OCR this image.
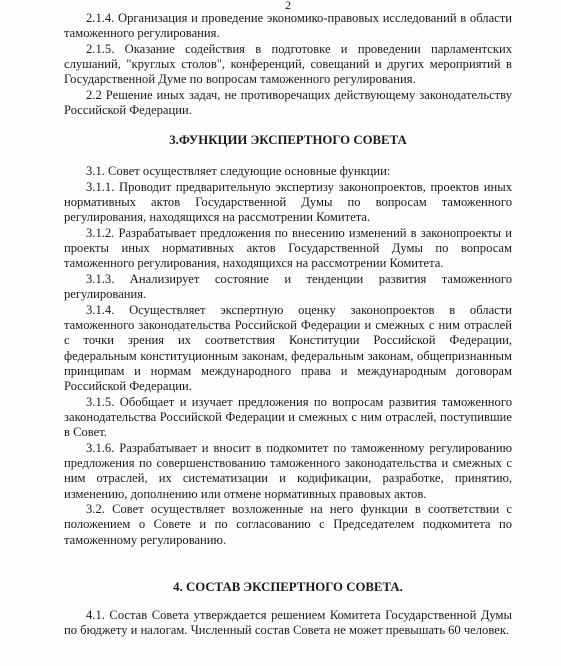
2

2.1.4. Организация и проведение экономико-правовых исследований в области таможенного регулирования.

2.1.5. Оказание содействия в подготовке и проведении парламентских слушаний, "круглых столов", конференций, совещаний и других мероприятий в Государственной Думе по вопросам таможенного регулирования.

2.2 Решение иных задач, не противоречащих действующему законодательству Российской Федерации.

3.ФУНКЦИИ ЭКСПЕРТНОГО СОВЕТА

3.1. Совет осуществляет следующие основные функции:

3.1.1. Проводит предварительную экспертизу законопроектов, проектов иных нормативных актов Государственной Думы по вопросам таможенного регулирования, находящихся на рассмотрении Комитета.

3.1.2. Разрабатывает предложения по внесению изменений в законопроекты и проекты иных нормативных актов Государственной Думы по вопросам таможенного регулирования, находящихся на рассмотрении Комитета.

3.1.3. Анализирует состояние и тенденции развития таможенного регулирования.

3.1.4. Осуществляет экспертную оценку законопроектов в области таможенного законодательства Российской Федерации и смежных с ним отраслей с точки зрения их соответствия Конституции Российской Федерации, федеральным конституционным законам, федеральным законам, общепризнанным принципам и нормам международного права и международным договорам Российской Федерации.

3.1.5. Обобщает и изучает предложения по вопросам развития таможенного законодательства Российской Федерации и смежных с ним отраслей, поступившие в Совет.

3.1.6. Разрабатывает и вносит в подкомитет по таможенному регулированию предложения по совершенствованию таможенного законодательства и смежных с ним отраслей, их систематизации и кодификации, разработке, принятию, изменению, дополнению или отмене нормативных правовых актов.

3.2. Совет осуществляет возложенные на него функции в соответствии с положением о Совете и по согласованию с Председателем подкомитета по таможенному регулированию.

4. СОСТАВ ЭКСПЕРТНОГО СОВЕТА.

4.1. Состав Совета утверждается решением Комитета Государственной Думы по бюджету и налогам. Численный состав Совета не может превышать 60 человек.
